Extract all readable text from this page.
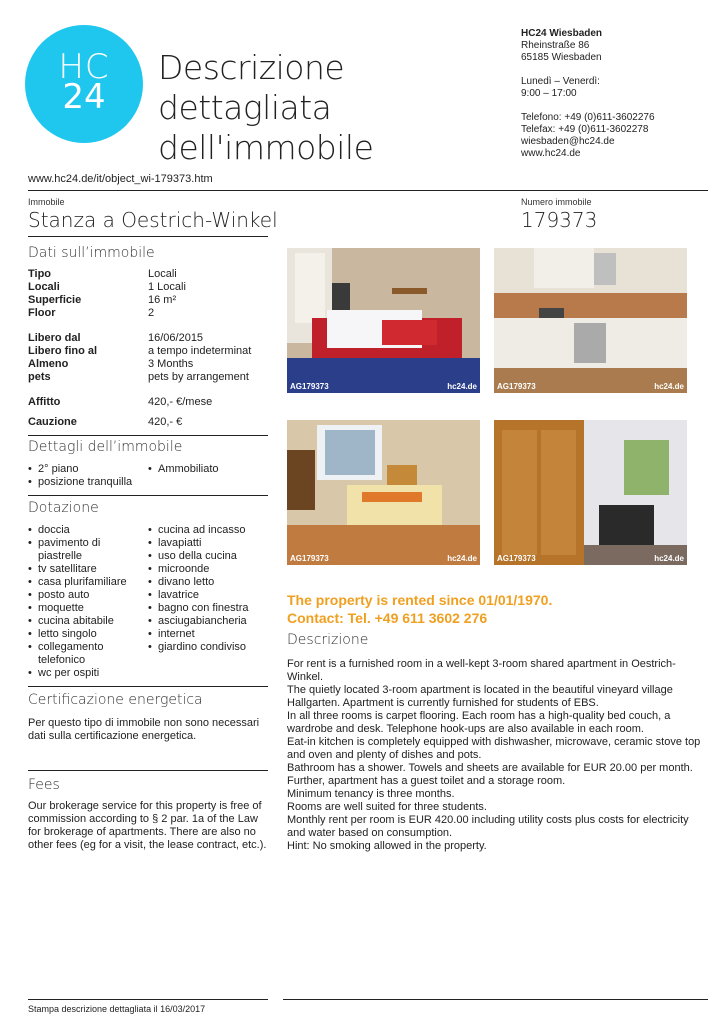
HC
24
Descrizione dettagliata
dell'immobile
HC24 Wiesbaden
Rheinstraße 86
65185 Wiesbaden
Lunedì – Venerdì:
9:00 – 17:00
Telefono: +49 (0)611-3602276
Telefax: +49 (0)611-3602278
wiesbaden@hc24.de
www.hc24.de
www.hc24.de/it/object_wi-179373.htm
Immobile
Stanza a Oestrich-Winkel
Numero immobile
179373
Dati sull’immobile
Tipo	Locali
Locali	1 Locali
Superficie	16 m²
Floor	2
Libero dal	16/06/2015
Libero fino al	a tempo indeterminat
Almeno	3 Months
pets	pets by arrangement
Affitto	420,- €/mese
Cauzione	420,- €
Dettagli dell’immobile
• 2° piano
• posizione tranquilla
• Ammobiliato
Dotazione
• doccia
• pavimento di piastrelle
• tv satellitare
• casa plurifamiliare
• posto auto
• moquette
• cucina abitabile
• letto singolo
• collegamento telefonico
• wc per ospiti
• cucina ad incasso
• lavapiatti
• uso della cucina
• microonde
• divano letto
• lavatrice
• bagno con finestra
• asciugabiancheria
• internet
• giardino condiviso
Certificazione energetica
Per questo tipo di immobile non sono necessari dati sulla certificazione energetica.
Fees
Our brokerage service for this property is free of commission according to § 2 par. 1a of the Law for brokerage of apartments. There are also no other fees (eg for a visit, the lease contract, etc.).
AG179373	hc24.de	AG179373	hc24.de
AG179373	hc24.de	AG179373	hc24.de
The property is rented since 01/01/1970.
Contact: Tel. +49 611 3602 276
Descrizione
For rent is a furnished room in a well-kept 3-room shared apartment in Oestrich-Winkel.
The quietly located 3-room apartment is located in the beautiful vineyard village Hallgarten. Apartment is currently furnished for students of EBS.
In all three rooms is carpet flooring. Each room has a high-quality bed couch, a wardrobe and desk. Telephone hook-ups are also available in each room.
Eat-in kitchen is completely equipped with dishwasher, microwave, ceramic stove top and oven and plenty of dishes and pots.
Bathroom has a shower. Towels and sheets are available for EUR 20.00 per month.
Further, apartment has a guest toilet and a storage room.
Minimum tenancy is three months.
Rooms are well suited for three students.
Monthly rent per room is EUR 420.00 including utility costs plus costs for electricity and water based on consumption.
Hint: No smoking allowed in the property.
Stampa descrizione dettagliata il 16/03/2017
